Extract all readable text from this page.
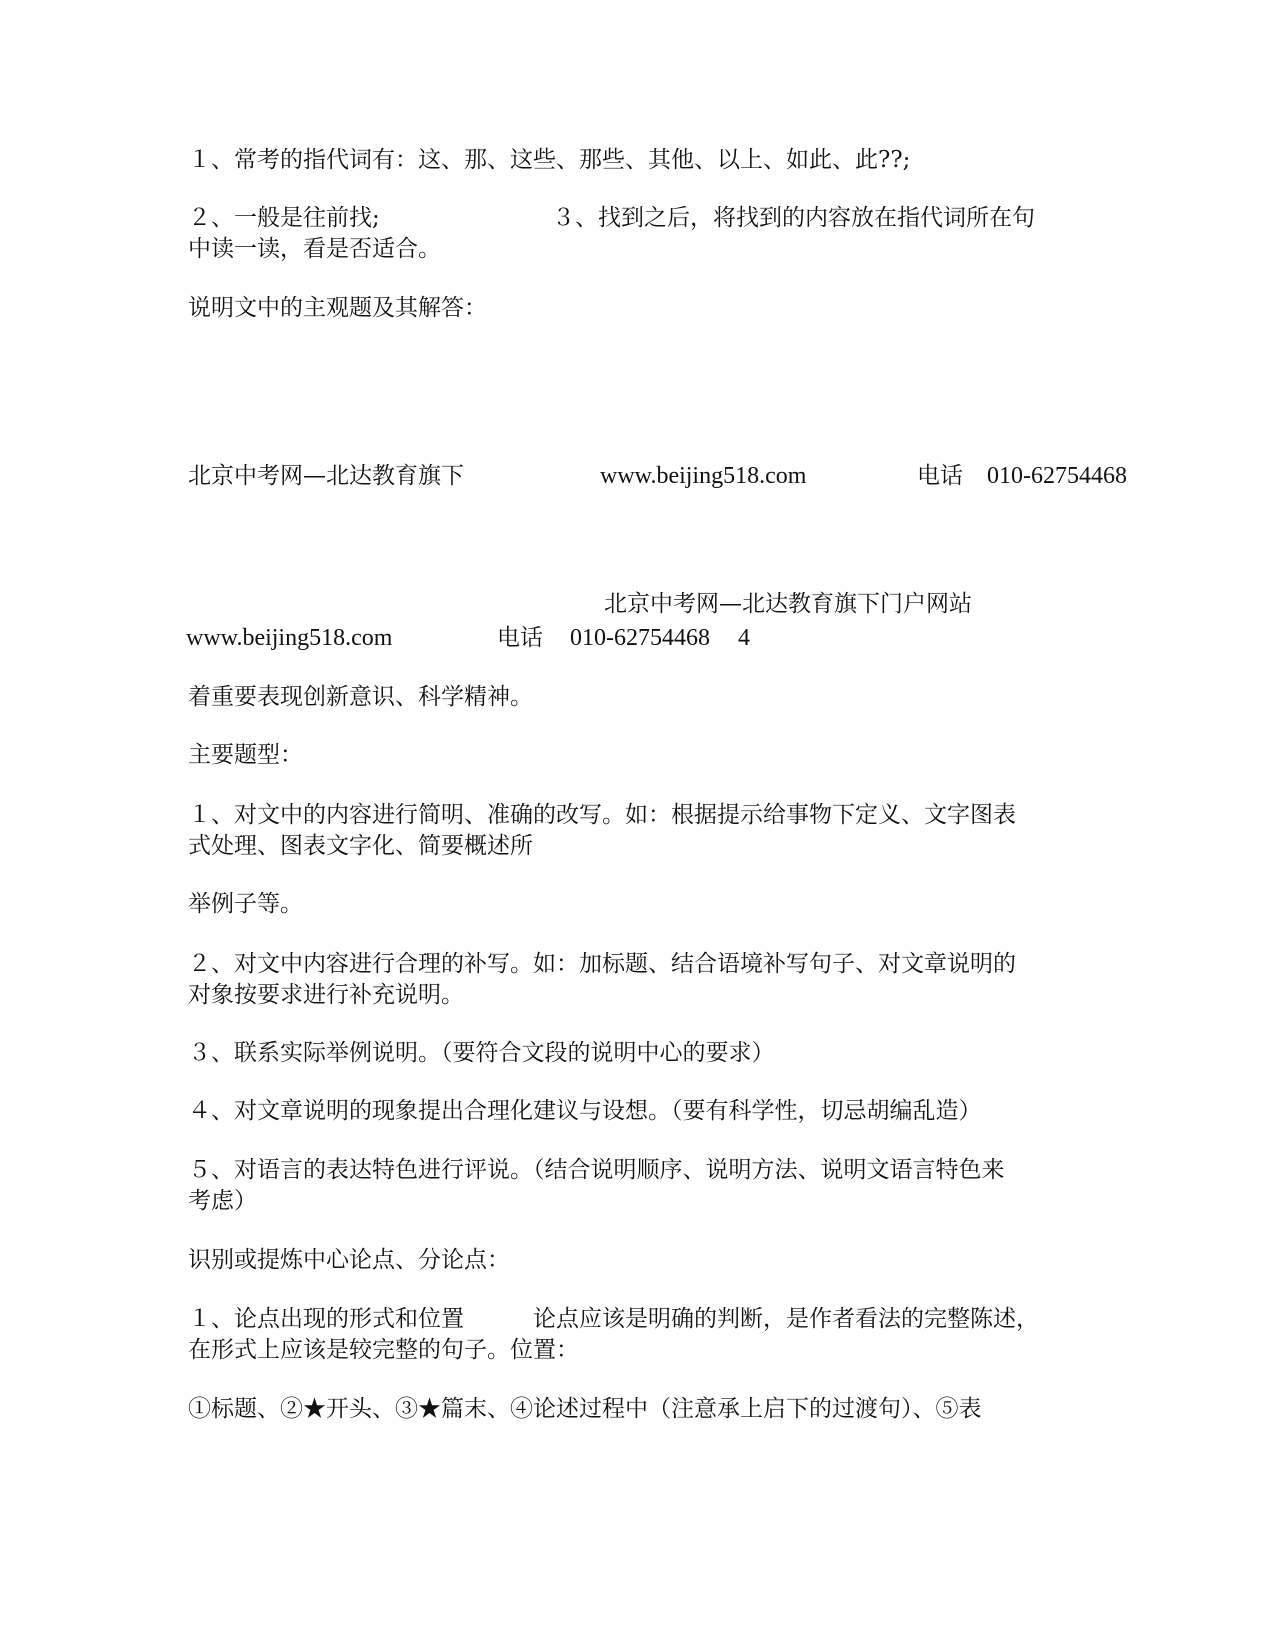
１、常考的指代词有：这、那、这些、那些、其他、以上、如此、此??;

２、一般是往前找;	３、找到之后，将找到的内容放在指代词所在句

中读一读，看是否适合。

说明文中的主观题及其解答：

北京中考网—北达教育旗下	www.beijing518.com	电话 010-62754468

北京中考网—北达教育旗下门户网站

www.beijing518.com	电话 010-62754468 4

着重要表现创新意识、科学精神。

主要题型：

１、对文中的内容进行简明、准确的改写。如：根据提示给事物下定义、文字图表

式处理、图表文字化、简要概述所

举例子等。

２、对文中内容进行合理的补写。如：加标题、结合语境补写句子、对文章说明的

对象按要求进行补充说明。

３、联系实际举例说明。（要符合文段的说明中心的要求）

４、对文章说明的现象提出合理化建议与设想。（要有科学性，切忌胡编乱造）

５、对语言的表达特色进行评说。（结合说明顺序、说明方法、说明文语言特色来

考虑）

识别或提炼中心论点、分论点：

１、论点出现的形式和位置	论点应该是明确的判断，是作者看法的完整陈述，

在形式上应该是较完整的句子。位置：

①标题、②★开头、③★篇末、④论述过程中（注意承上启下的过渡句）、⑤表
